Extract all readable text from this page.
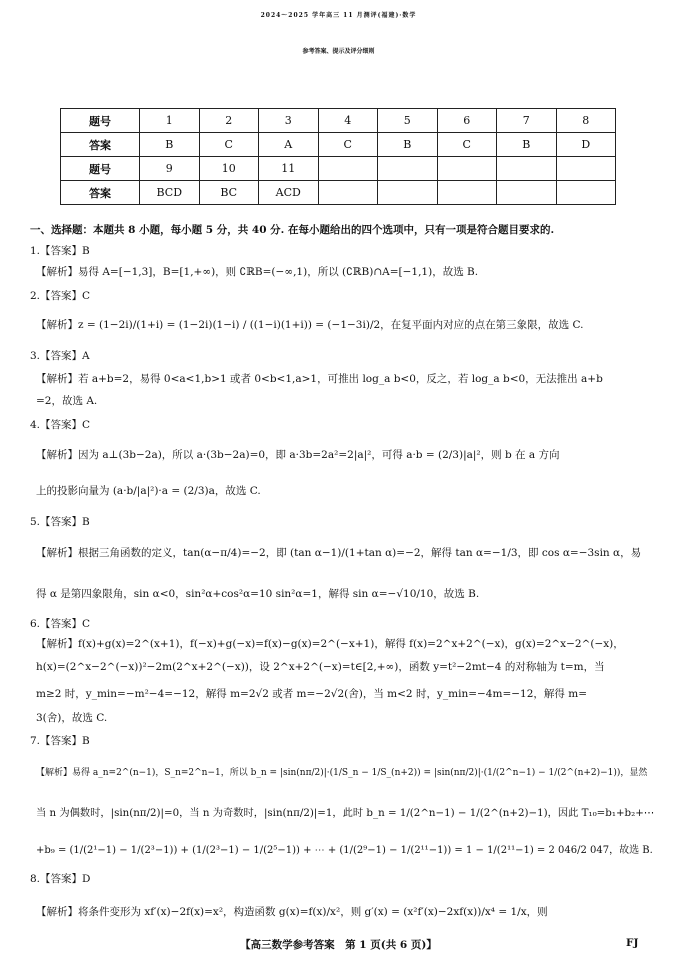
2024～2025 学年高三 11 月测评(福建)·数学
参考答案、提示及评分细则
题号	1	2	3	4	5	6	7	8
答案	B	C	A	C	B	C	B	D
题号	9	10	11					
答案	BCD	BC	ACD					
一、选择题：本题共 8 小题，每小题 5 分，共 40 分. 在每小题给出的四个选项中，只有一项是符合题目要求的.
1.【答案】B
【解析】易得 A=[−1,3]，B=[1,+∞)，则 ∁ℝB=(−∞,1)，所以 (∁ℝB)∩A=[−1,1)，故选 B.
2.【答案】C
【解析】z = (1−2i)/(1+i) = (1−2i)(1−i) / ((1−i)(1+i)) = (−1−3i)/2，在复平面内对应的点在第三象限，故选 C.
3.【答案】A
【解析】若 a+b=2，易得 0<a<1,b>1 或者 0<b<1,a>1，可推出 log_a b<0，反之，若 log_a b<0，无法推出 a+b
=2，故选 A.
4.【答案】C
【解析】因为 a⊥(3b−2a)，所以 a·(3b−2a)=0，即 a·3b=2a²=2|a|²，可得 a·b = (2/3)|a|²，则 b 在 a 方向
上的投影向量为 (a·b/|a|²)·a = (2/3)a，故选 C.
5.【答案】B
【解析】根据三角函数的定义，tan(α−π/4)=−2，即 (tan α−1)/(1+tan α)=−2，解得 tan α=−1/3，即 cos α=−3sin α，易
得 α 是第四象限角，sin α<0，sin²α+cos²α=10 sin²α=1，解得 sin α=−√10/10，故选 B.
6.【答案】C
【解析】f(x)+g(x)=2^(x+1)，f(−x)+g(−x)=f(x)−g(x)=2^(−x+1)，解得 f(x)=2^x+2^(−x)，g(x)=2^x−2^(−x)，
h(x)=(2^x−2^(−x))²−2m(2^x+2^(−x))，设 2^x+2^(−x)=t∈[2,+∞)，函数 y=t²−2mt−4 的对称轴为 t=m，当
m≥2 时，y_min=−m²−4=−12，解得 m=2√2 或者 m=−2√2(舍)，当 m<2 时，y_min=−4m=−12，解得 m=
3(舍)，故选 C.
7.【答案】B
【解析】易得 a_n=2^(n−1)，S_n=2^n−1，所以 b_n = |sin(nπ/2)|·(1/S_n − 1/S_(n+2)) = |sin(nπ/2)|·(1/(2^n−1) − 1/(2^(n+2)−1))，显然
当 n 为偶数时，|sin(nπ/2)|=0，当 n 为奇数时，|sin(nπ/2)|=1，此时 b_n = 1/(2^n−1) − 1/(2^(n+2)−1)，因此 T₁₀=b₁+b₂+⋯
+b₉ = (1/(2¹−1) − 1/(2³−1)) + (1/(2³−1) − 1/(2⁵−1)) + ⋯ + (1/(2⁹−1) − 1/(2¹¹−1)) = 1 − 1/(2¹¹−1) = 2 046/2 047，故选 B.
8.【答案】D
【解析】将条件变形为 xf′(x)−2f(x)=x²，构造函数 g(x)=f(x)/x²，则 g′(x) = (x²f′(x)−2xf(x))/x⁴ = 1/x，则
【高三数学参考答案　第 1 页(共 6 页)】	FJ
